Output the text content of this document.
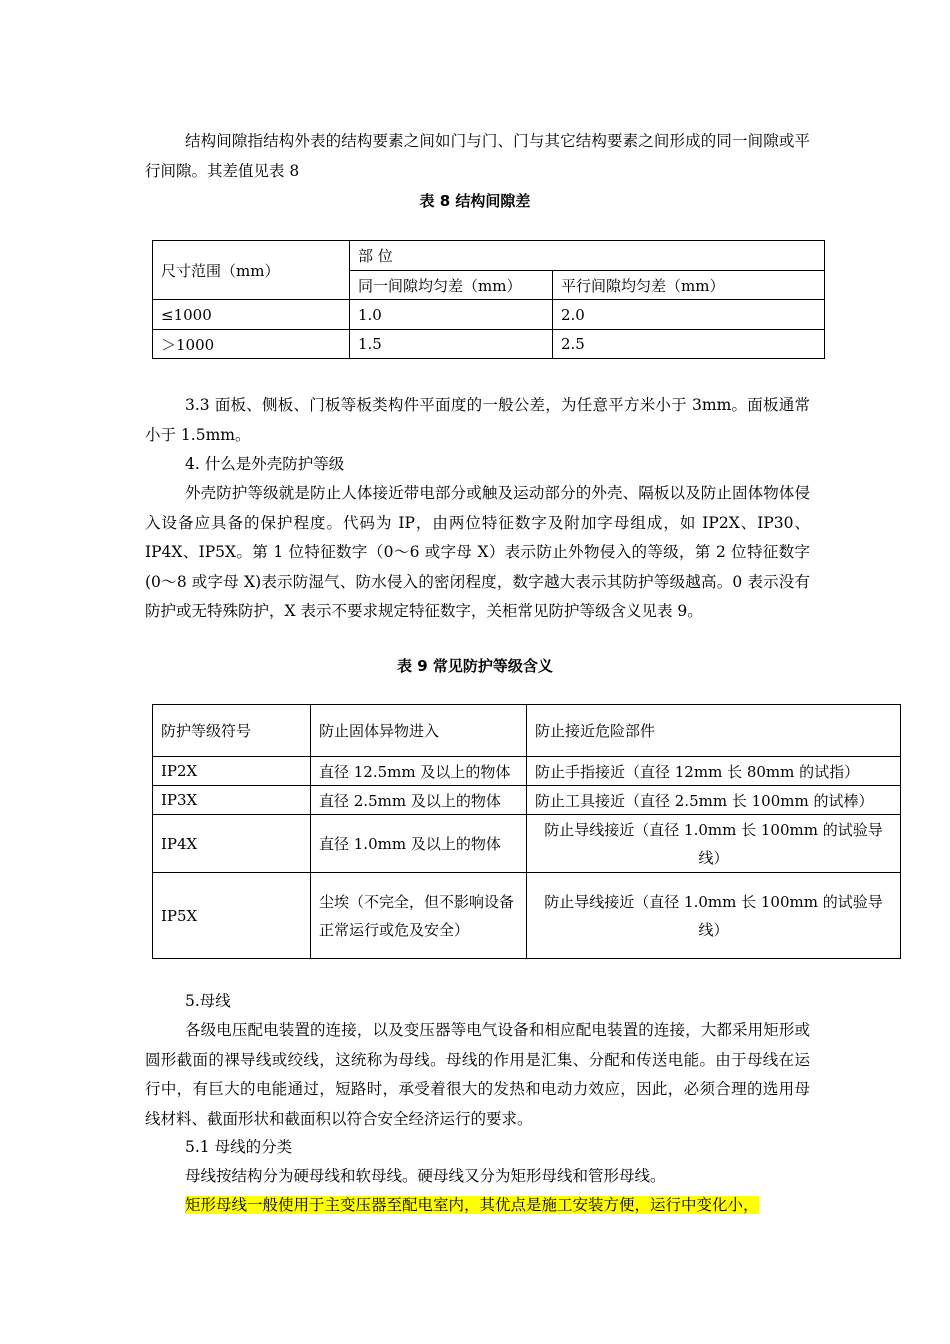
结构间隙指结构外表的结构要素之间如门与门、门与其它结构要素之间形成的同一间隙或平行间隙。其差值见表 8

表 8 结构间隙差
尺寸范围（mm）	部 位	
	同一间隙均匀差（mm）	平行间隙均匀差（mm）
≤1000	1.0	2.0
＞1000	1.5	2.5

3.3 面板、侧板、门板等板类构件平面度的一般公差，为任意平方米小于 3mm。面板通常小于 1.5mm。

4. 什么是外壳防护等级

外壳防护等级就是防止人体接近带电部分或触及运动部分的外壳、隔板以及防止固体物体侵入设备应具备的保护程度。代码为 IP，由两位特征数字及附加字母组成，如 IP2X、IP30、IP4X、IP5X。第 1 位特征数字（0～6 或字母 X）表示防止外物侵入的等级，第 2 位特征数字(0～8 或字母 X)表示防湿气、防水侵入的密闭程度，数字越大表示其防护等级越高。0 表示没有防护或无特殊防护，X 表示不要求规定特征数字，关柜常见防护等级含义见表 9。

表 9 常见防护等级含义
防护等级符号	防止固体异物进入	防止接近危险部件
IP2X	直径 12.5mm 及以上的物体	防止手指接近（直径 12mm 长 80mm 的试指）
IP3X	直径 2.5mm 及以上的物体	防止工具接近（直径 2.5mm 长 100mm 的试棒）
IP4X	直径 1.0mm 及以上的物体	防止导线接近（直径 1.0mm 长 100mm 的试验导线）
IP5X	尘埃（不完全，但不影响设备正常运行或危及安全）	防止导线接近（直径 1.0mm 长 100mm 的试验导线）

5.母线

各级电压配电装置的连接，以及变压器等电气设备和相应配电装置的连接，大都采用矩形或圆形截面的裸导线或绞线，这统称为母线。母线的作用是汇集、分配和传送电能。由于母线在运行中，有巨大的电能通过，短路时，承受着很大的发热和电动力效应，因此，必须合理的选用母线材料、截面形状和截面积以符合安全经济运行的要求。

5.1 母线的分类

母线按结构分为硬母线和软母线。硬母线又分为矩形母线和管形母线。

矩形母线一般使用于主变压器至配电室内，其优点是施工安装方便，运行中变化小，
